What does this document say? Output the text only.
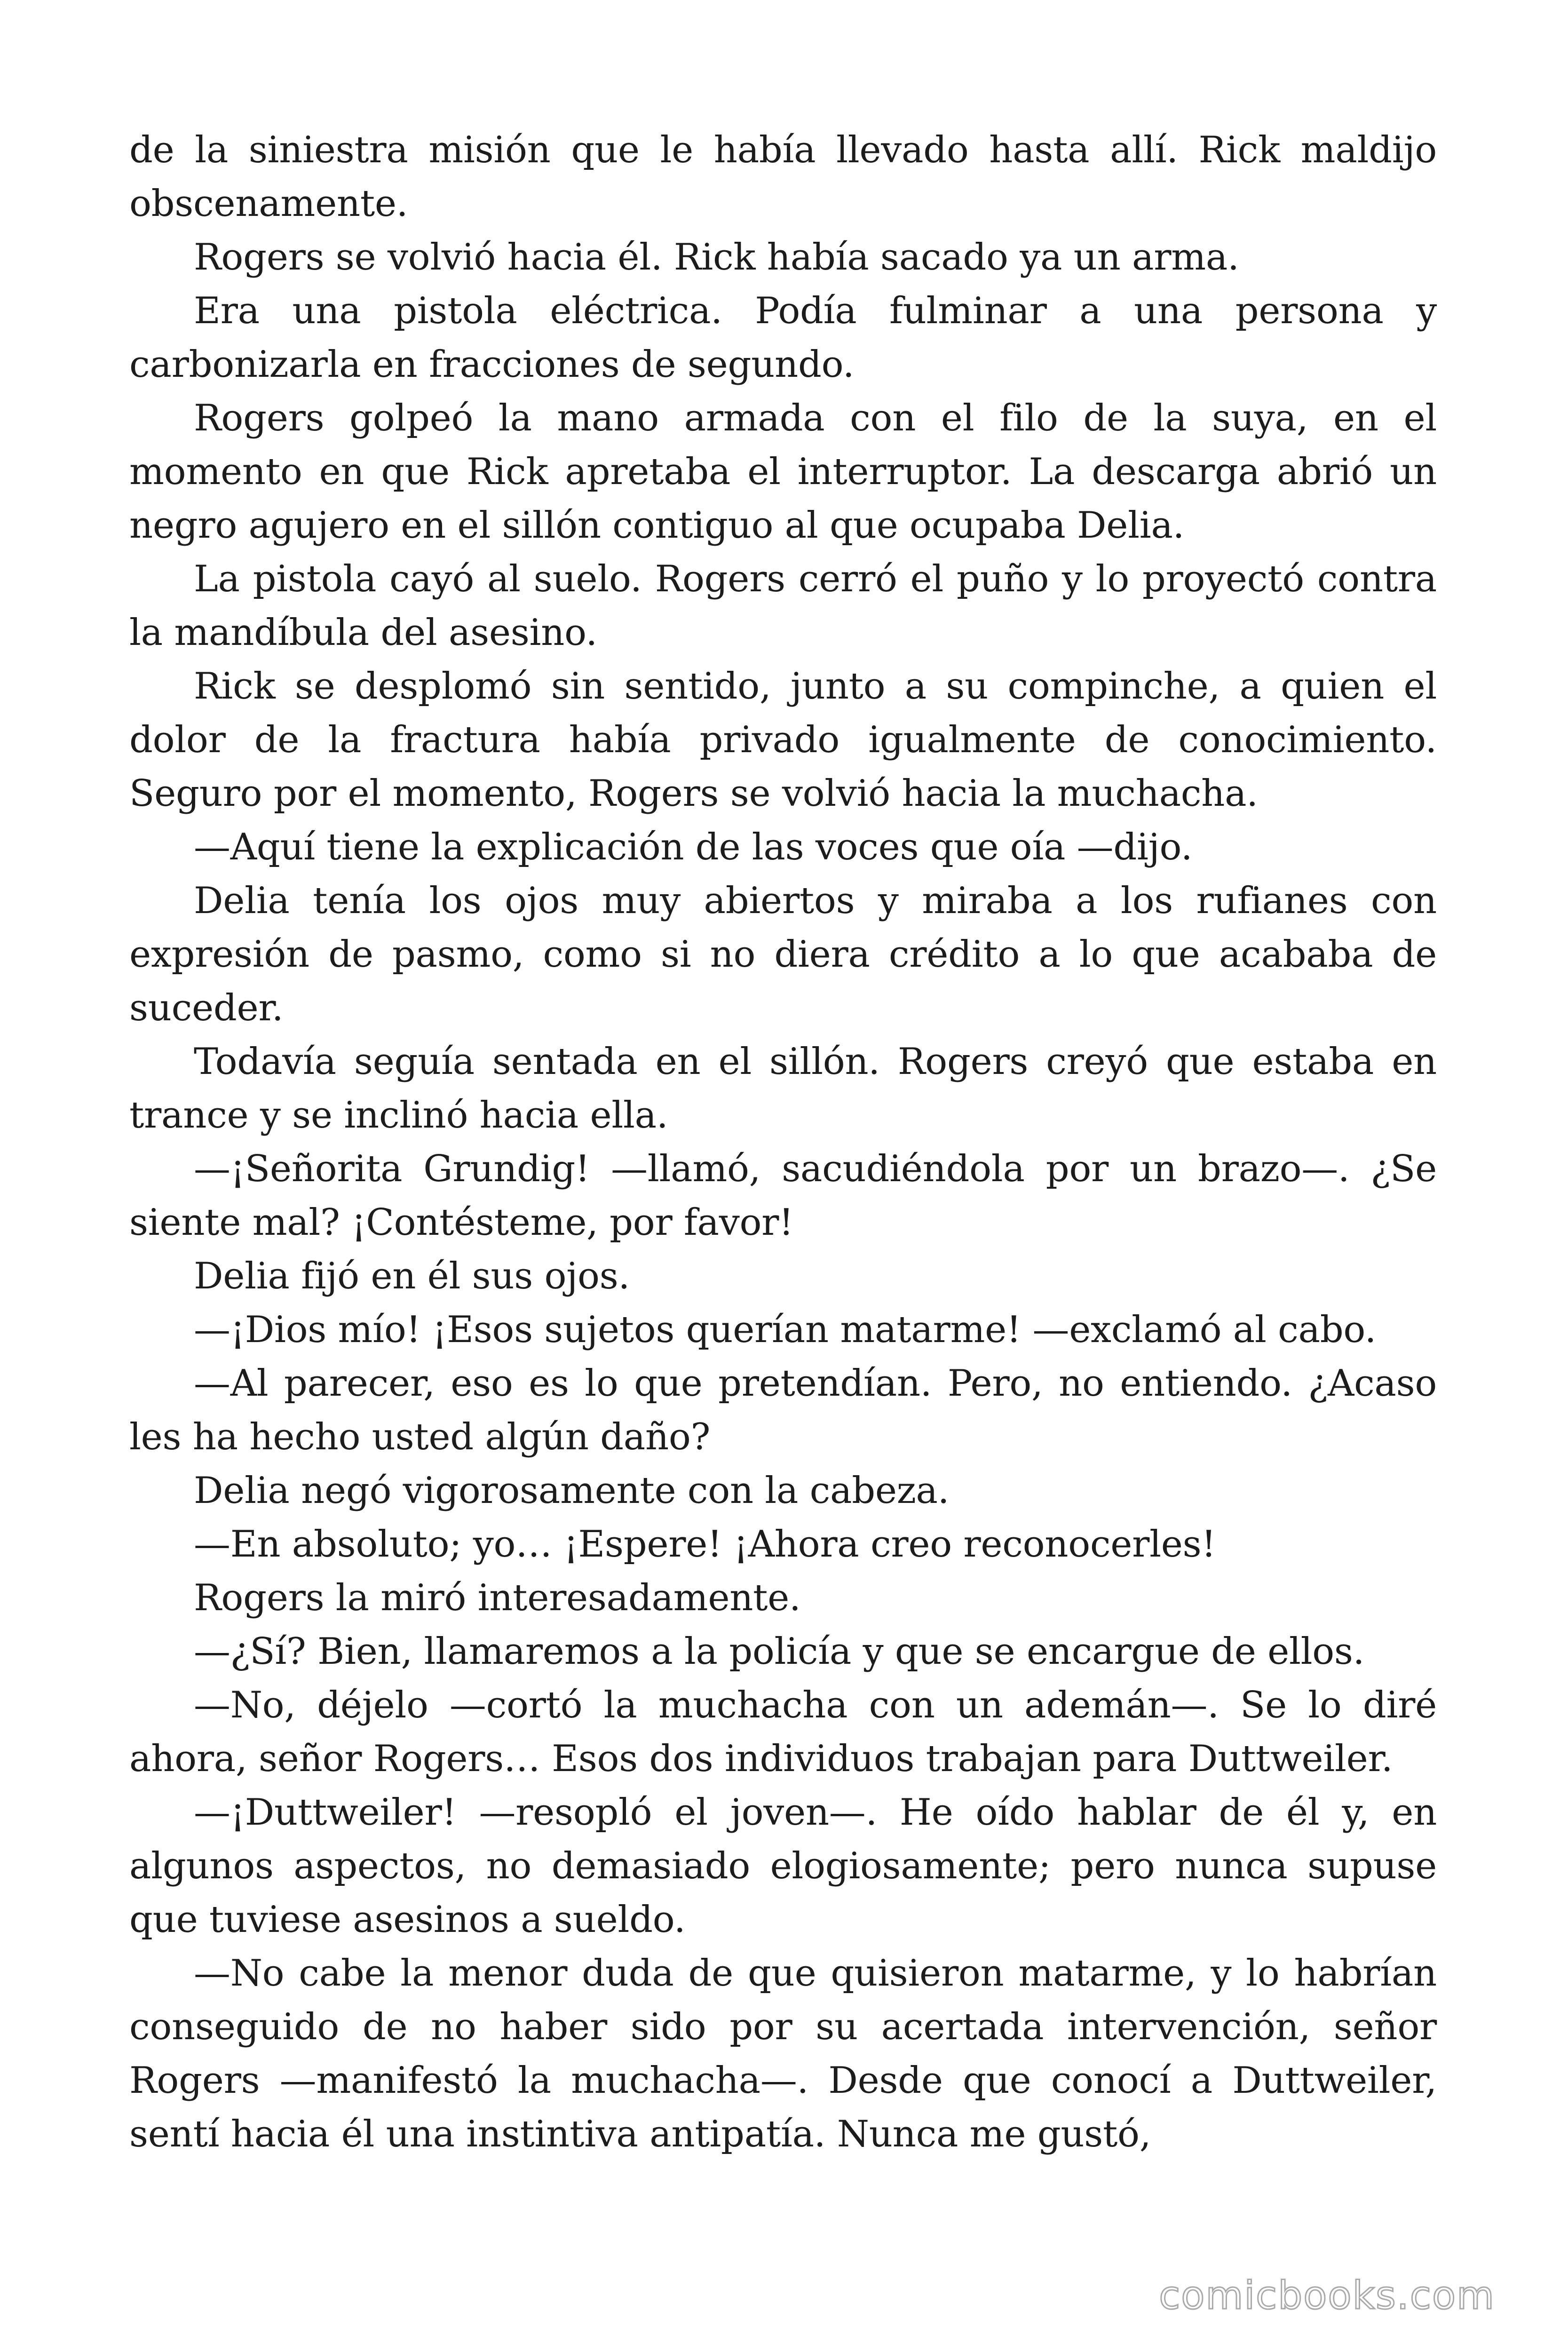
de la siniestra misión que le había llevado hasta allí. Rick maldijo obscenamente.

Rogers se volvió hacia él. Rick había sacado ya un arma.

Era una pistola eléctrica. Podía fulminar a una persona y carbonizarla en fracciones de segundo.

Rogers golpeó la mano armada con el filo de la suya, en el momento en que Rick apretaba el interruptor. La descarga abrió un negro agujero en el sillón contiguo al que ocupaba Delia.

La pistola cayó al suelo. Rogers cerró el puño y lo proyectó contra la mandíbula del asesino.

Rick se desplomó sin sentido, junto a su compinche, a quien el dolor de la fractura había privado igualmente de conocimiento. Seguro por el momento, Rogers se volvió hacia la muchacha.

—Aquí tiene la explicación de las voces que oía —dijo.

Delia tenía los ojos muy abiertos y miraba a los rufianes con expresión de pasmo, como si no diera crédito a lo que acababa de suceder.

Todavía seguía sentada en el sillón. Rogers creyó que estaba en trance y se inclinó hacia ella.

—¡Señorita Grundig! —llamó, sacudiéndola por un brazo—. ¿Se siente mal? ¡Contésteme, por favor!

Delia fijó en él sus ojos.

—¡Dios mío! ¡Esos sujetos querían matarme! —exclamó al cabo.

—Al parecer, eso es lo que pretendían. Pero, no entiendo. ¿Acaso les ha hecho usted algún daño?

Delia negó vigorosamente con la cabeza.

—En absoluto; yo… ¡Espere! ¡Ahora creo reconocerles!

Rogers la miró interesadamente.

—¿Sí? Bien, llamaremos a la policía y que se encargue de ellos.

—No, déjelo —cortó la muchacha con un ademán—. Se lo diré ahora, señor Rogers… Esos dos individuos trabajan para Duttweiler.

—¡Duttweiler! —resopló el joven—. He oído hablar de él y, en algunos aspectos, no demasiado elogiosamente; pero nunca supuse que tuviese asesinos a sueldo.

—No cabe la menor duda de que quisieron matarme, y lo habrían conseguido de no haber sido por su acertada intervención, señor Rogers —manifestó la muchacha—. Desde que conocí a Duttweiler, sentí hacia él una instintiva antipatía. Nunca me gustó,

comicbooks.com
